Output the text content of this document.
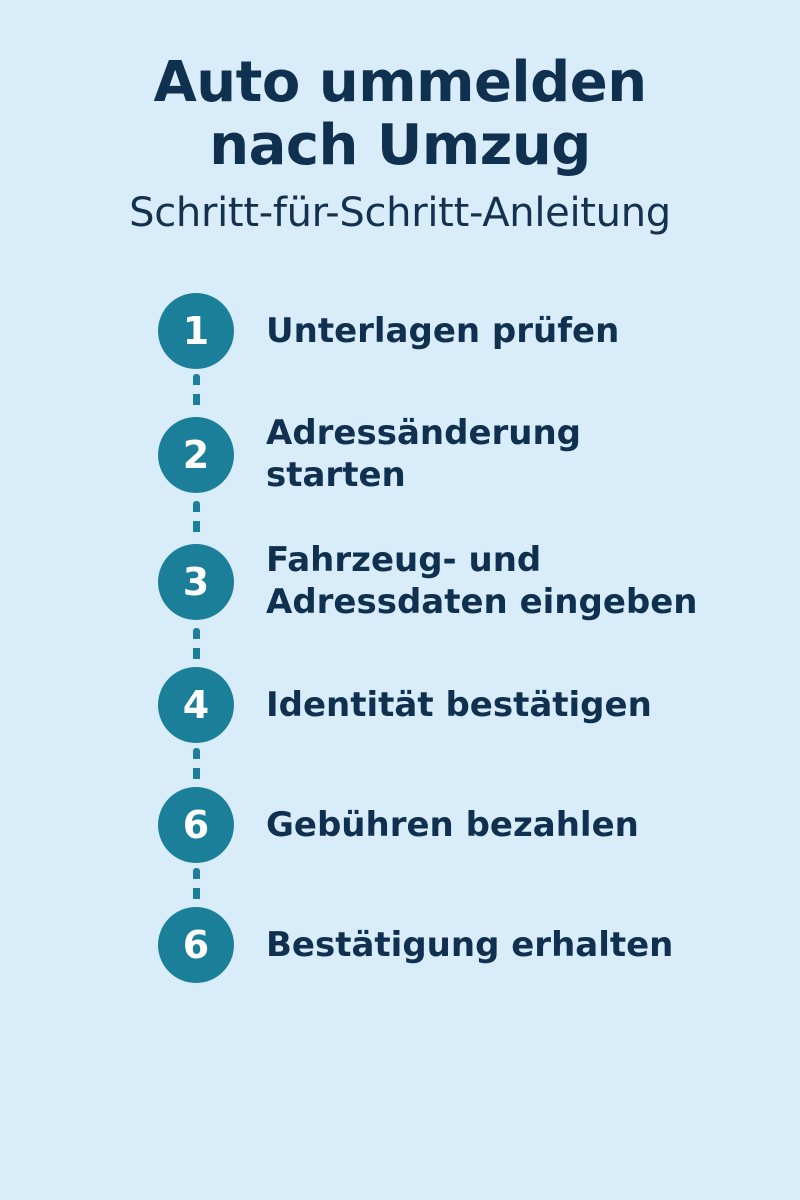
Auto ummelden nach Umzug
Schritt-für-Schritt-Anleitung
1	Unterlagen prüfen
2	Adressänderung starten
3	Fahrzeug- und Adressdaten eingeben
4	Identität bestätigen
6	Gebühren bezahlen
6	Bestätigung erhalten
